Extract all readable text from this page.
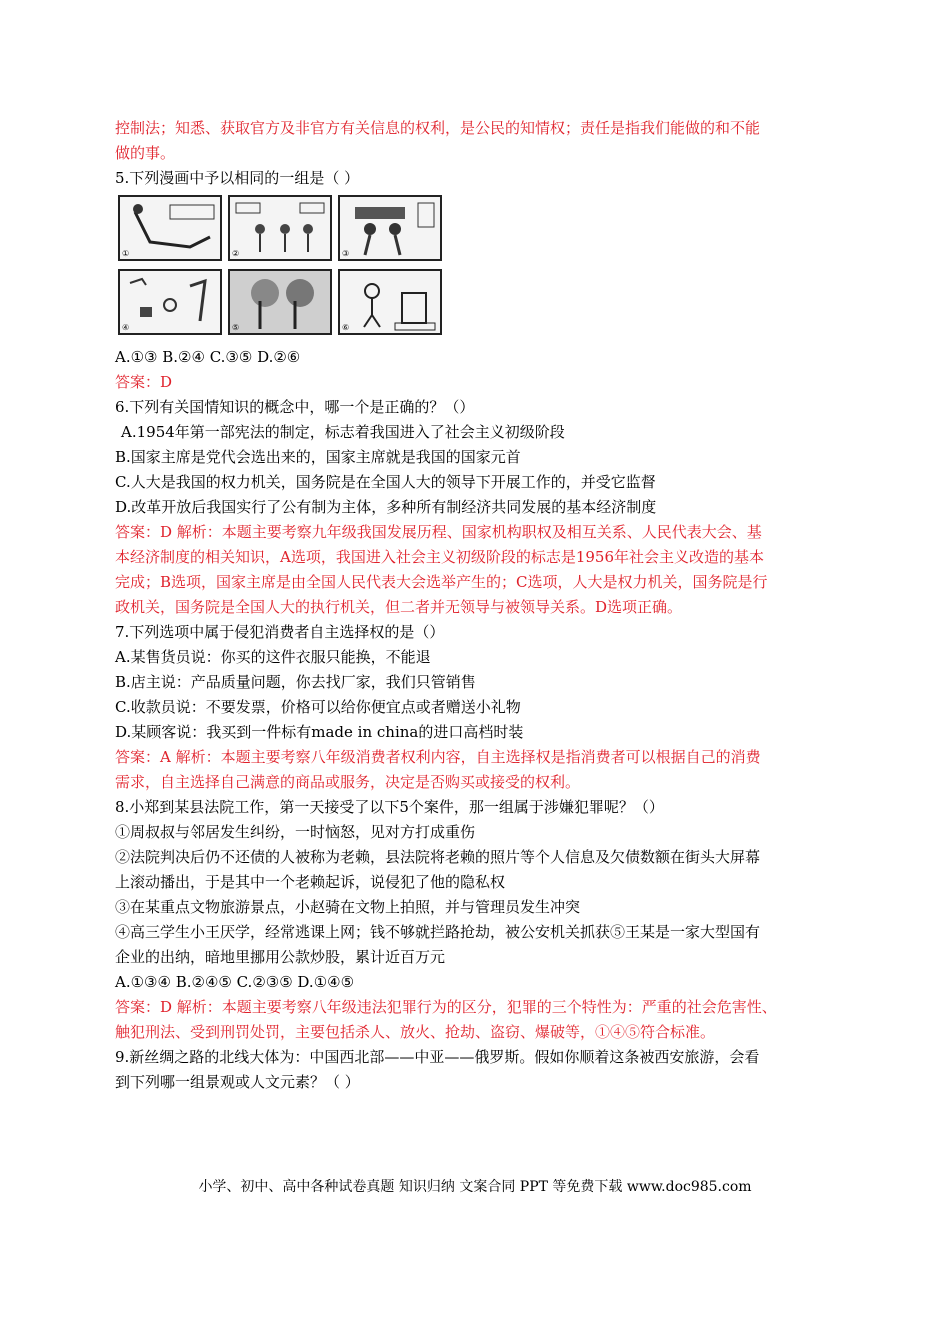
控制法；知悉、获取官方及非官方有关信息的权利，是公民的知情权；责任是指我们能做的和不能
做的事。
5.下列漫画中予以相同的一组是（ ）
①	②	③
④	⑤	⑥
A.①③ B.②④ C.③⑤ D.②⑥
答案：D
6.下列有关国情知识的概念中，哪一个是正确的？（）
A.1954年第一部宪法的制定，标志着我国进入了社会主义初级阶段
B.国家主席是党代会选出来的，国家主席就是我国的国家元首
C.人大是我国的权力机关，国务院是在全国人大的领导下开展工作的，并受它监督
D.改革开放后我国实行了公有制为主体，多种所有制经济共同发展的基本经济制度
答案：D 解析：本题主要考察九年级我国发展历程、国家机构职权及相互关系、人民代表大会、基
本经济制度的相关知识，A选项，我国进入社会主义初级阶段的标志是1956年社会主义改造的基本
完成；B选项，国家主席是由全国人民代表大会选举产生的；C选项，人大是权力机关，国务院是行
政机关，国务院是全国人大的执行机关，但二者并无领导与被领导关系。D选项正确。
7.下列选项中属于侵犯消费者自主选择权的是（）
A.某售货员说：你买的这件衣服只能换，不能退
B.店主说：产品质量问题，你去找厂家，我们只管销售
C.收款员说：不要发票，价格可以给你便宜点或者赠送小礼物
D.某顾客说：我买到一件标有made in china的进口高档时装
答案：A 解析：本题主要考察八年级消费者权利内容，自主选择权是指消费者可以根据自己的消费
需求，自主选择自己满意的商品或服务，决定是否购买或接受的权利。
8.小郑到某县法院工作，第一天接受了以下5个案件，那一组属于涉嫌犯罪呢？（）
①周叔叔与邻居发生纠纷，一时恼怒，见对方打成重伤
②法院判决后仍不还债的人被称为老赖，县法院将老赖的照片等个人信息及欠债数额在街头大屏幕
上滚动播出，于是其中一个老赖起诉，说侵犯了他的隐私权
③在某重点文物旅游景点，小赵骑在文物上拍照，并与管理员发生冲突
④高三学生小王厌学，经常逃课上网；钱不够就拦路抢劫，被公安机关抓获⑤王某是一家大型国有
企业的出纳，暗地里挪用公款炒股，累计近百万元
A.①③④ B.②④⑤ C.②③⑤ D.①④⑤
答案：D 解析：本题主要考察八年级违法犯罪行为的区分，犯罪的三个特性为：严重的社会危害性、
触犯刑法、受到刑罚处罚，主要包括杀人、放火、抢劫、盗窃、爆破等，①④⑤符合标准。
9.新丝绸之路的北线大体为：中国西北部——中亚——俄罗斯。假如你顺着这条被西安旅游，会看
到下列哪一组景观或人文元素？（ ）
小学、初中、高中各种试卷真题 知识归纳 文案合同 PPT 等免费下载 www.doc985.com
